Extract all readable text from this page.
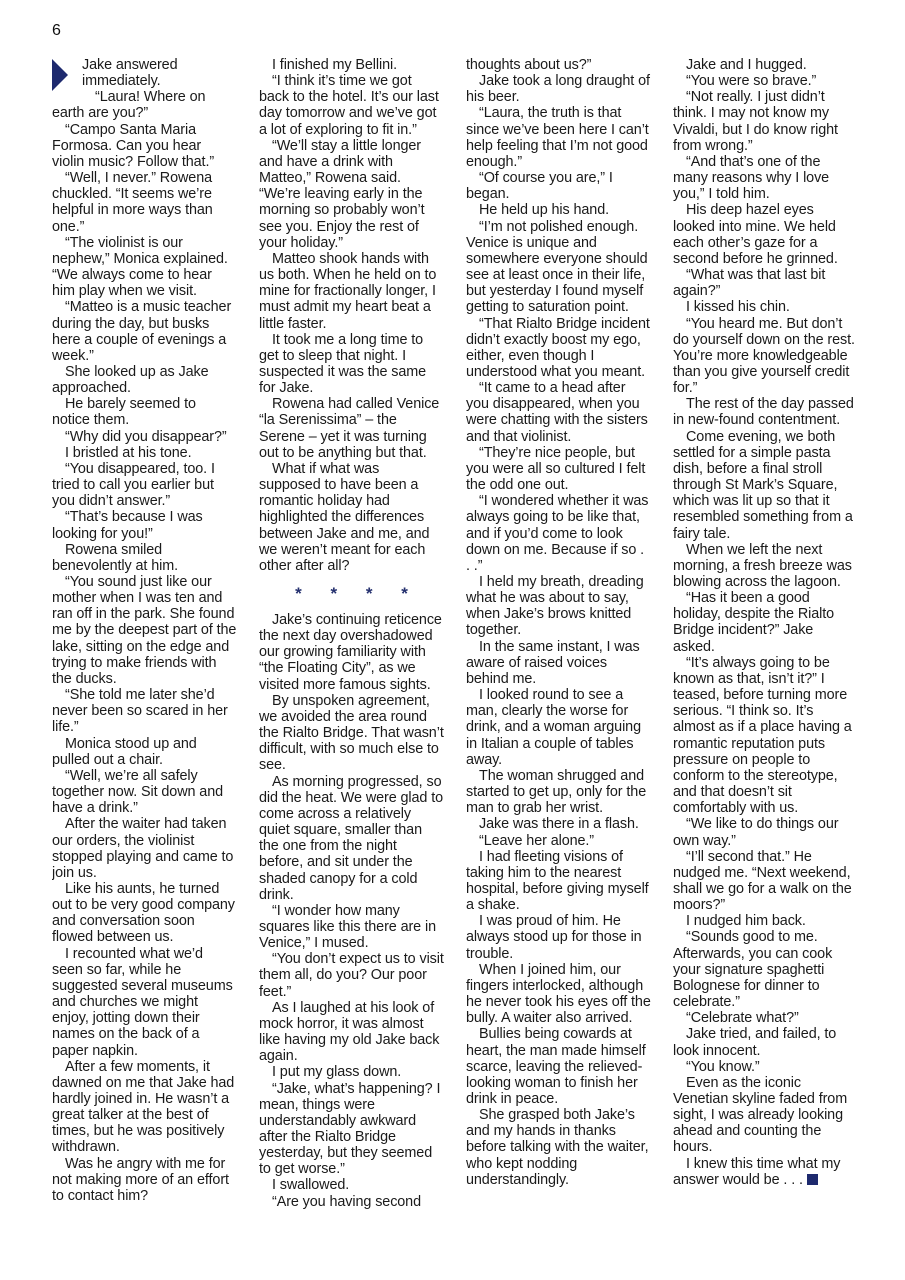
6

Jake answered immediately.

“Laura! Where on earth are you?”

“Campo Santa Maria Formosa. Can you hear violin music? Follow that.”

“Well, I never.” Rowena chuckled. “It seems we’re helpful in more ways than one.”

“The violinist is our nephew,” Monica explained. “We always come to hear him play when we visit.

“Matteo is a music teacher during the day, but busks here a couple of evenings a week.”

She looked up as Jake approached.

He barely seemed to notice them.

“Why did you disappear?”

I bristled at his tone.

“You disappeared, too. I tried to call you earlier but you didn’t answer.”

“That’s because I was looking for you!”

Rowena smiled benevolently at him.

“You sound just like our mother when I was ten and ran off in the park. She found me by the deepest part of the lake, sitting on the edge and trying to make friends with the ducks.

“She told me later she’d never been so scared in her life.”

Monica stood up and pulled out a chair.

“Well, we’re all safely together now. Sit down and have a drink.”

After the waiter had taken our orders, the violinist stopped playing and came to join us.

Like his aunts, he turned out to be very good company and conversation soon flowed between us.

I recounted what we’d seen so far, while he suggested several museums and churches we might enjoy, jotting down their names on the back of a paper napkin.

After a few moments, it dawned on me that Jake had hardly joined in. He wasn’t a great talker at the best of times, but he was positively withdrawn.

Was he angry with me for not making more of an effort to contact him?

I finished my Bellini.

“I think it’s time we got back to the hotel. It’s our last day tomorrow and we’ve got a lot of exploring to fit in.”

“We’ll stay a little longer and have a drink with Matteo,” Rowena said. “We’re leaving early in the morning so probably won’t see you. Enjoy the rest of your holiday.”

Matteo shook hands with us both. When he held on to mine for fractionally longer, I must admit my heart beat a little faster.

It took me a long time to get to sleep that night. I suspected it was the same for Jake.

Rowena had called Venice “la Serenissima” – the Serene – yet it was turning out to be anything but that.

What if what was supposed to have been a romantic holiday had highlighted the differences between Jake and me, and we weren’t meant for each other after all?

* * * *

Jake’s continuing reticence the next day overshadowed our growing familiarity with “the Floating City”, as we visited more famous sights.

By unspoken agreement, we avoided the area round the Rialto Bridge. That wasn’t difficult, with so much else to see.

As morning progressed, so did the heat. We were glad to come across a relatively quiet square, smaller than the one from the night before, and sit under the shaded canopy for a cold drink.

“I wonder how many squares like this there are in Venice,” I mused.

“You don’t expect us to visit them all, do you? Our poor feet.”

As I laughed at his look of mock horror, it was almost like having my old Jake back again.

I put my glass down.

“Jake, what’s happening? I mean, things were understandably awkward after the Rialto Bridge yesterday, but they seemed to get worse.”

I swallowed.

“Are you having second

thoughts about us?”

Jake took a long draught of his beer.

“Laura, the truth is that since we’ve been here I can’t help feeling that I’m not good enough.”

“Of course you are,” I began.

He held up his hand.

“I’m not polished enough. Venice is unique and somewhere everyone should see at least once in their life, but yesterday I found myself getting to saturation point.

“That Rialto Bridge incident didn’t exactly boost my ego, either, even though I understood what you meant.

“It came to a head after you disappeared, when you were chatting with the sisters and that violinist.

“They’re nice people, but you were all so cultured I felt the odd one out.

“I wondered whether it was always going to be like that, and if you’d come to look down on me. Because if so . . .”

I held my breath, dreading what he was about to say, when Jake’s brows knitted together.

In the same instant, I was aware of raised voices behind me.

I looked round to see a man, clearly the worse for drink, and a woman arguing in Italian a couple of tables away.

The woman shrugged and started to get up, only for the man to grab her wrist.

Jake was there in a flash.

“Leave her alone.”

I had fleeting visions of taking him to the nearest hospital, before giving myself a shake.

I was proud of him. He always stood up for those in trouble.

When I joined him, our fingers interlocked, although he never took his eyes off the bully. A waiter also arrived.

Bullies being cowards at heart, the man made himself scarce, leaving the relieved-looking woman to finish her drink in peace.

She grasped both Jake’s and my hands in thanks before talking with the waiter, who kept nodding understandingly.

Jake and I hugged.

“You were so brave.”

“Not really. I just didn’t think. I may not know my Vivaldi, but I do know right from wrong.”

“And that’s one of the many reasons why I love you,” I told him.

His deep hazel eyes looked into mine. We held each other’s gaze for a second before he grinned.

“What was that last bit again?”

I kissed his chin.

“You heard me. But don’t do yourself down on the rest. You’re more knowledgeable than you give yourself credit for.”

The rest of the day passed in new-found contentment.

Come evening, we both settled for a simple pasta dish, before a final stroll through St Mark’s Square, which was lit up so that it resembled something from a fairy tale.

When we left the next morning, a fresh breeze was blowing across the lagoon.

“Has it been a good holiday, despite the Rialto Bridge incident?” Jake asked.

“It’s always going to be known as that, isn’t it?” I teased, before turning more serious. “I think so. It’s almost as if a place having a romantic reputation puts pressure on people to conform to the stereotype, and that doesn’t sit comfortably with us.

“We like to do things our own way.”

“I’ll second that.” He nudged me. “Next weekend, shall we go for a walk on the moors?”

I nudged him back.

“Sounds good to me. Afterwards, you can cook your signature spaghetti Bolognese for dinner to celebrate.”

“Celebrate what?”

Jake tried, and failed, to look innocent.

“You know.”

Even as the iconic Venetian skyline faded from sight, I was already looking ahead and counting the hours.

I knew this time what my answer would be . . .
